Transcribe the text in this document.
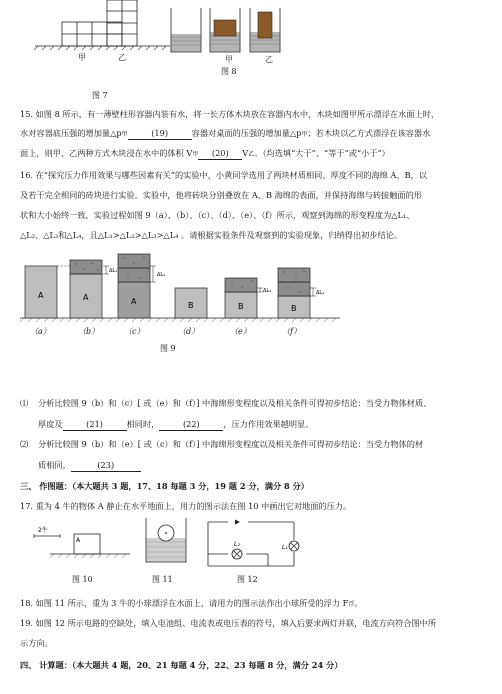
甲	乙
图 7
甲	乙
图 8
15. 如图 8 所示，有一薄壁柱形容器内装有水，将一长方体木块放在容器内水中，木块如图甲所示漂浮在水面上时，
水对容器底压强的增加量△p甲	(19)	容器对桌面的压强的增加量△p甲；若木块以乙方式漂浮在该容器水
面上，则甲、乙两种方式木块浸在水中的体积 V甲 (20) V乙。（均选填“大于”、“等于”或“小于”）
16. 在“探究压力作用效果与哪些因素有关”的实验中，小黄同学选用了两块材质相同、厚度不同的海绵 A、B，以
及若干完全相同的砖块进行实验。实验中，他将砖块分别叠放在 A、B 海绵的表面，并保持海绵与砖接触面的形
状和大小始终一致，实验过程如图 9（a）、（b）、（c）、（d）、（e）、（f）所示，观察到海绵的形变程度为△L₁、
△L₂、△L₃和△L₄，且△L₁>△L₂>△L₃>△L₄ 。请根据实验条件及观察到的实验现象，归纳得出初步结论。
A	A	A	B	B	B
ΔL₁
ΔL₂
ΔL₃	ΔL₄
（a）	（b）	（c）	（d）	（e）	（f）
图 9
⑴ 分析比较图 9（b）和（c）[ 或（e）和（f）] 中海绵形变程度以及相关条件可得初步结论：当受力物体材质、
厚度及	(21)	相同时，	(22)	，压力作用效果越明显。
⑵ 分析比较图 9（b）和（e）[ 或（c）和（f）] 中海绵形变程度以及相关条件可得初步结论：当受力物体的材
质相同，	(23)
三、 作图题：（本大题共 3 题，17、18 每题 3 分，19 题 2 分，满分 8 分）
17. 重为 4 牛的物体 A 静止在水平地面上，用力的图示法在图 10 中画出它对地面的压力。
2牛
A
图 10	图 11
L₁
L₂
图 12
18. 如图 11 所示，重为 3 牛的小球漂浮在水面上，请用力的图示法作出小球所受的浮力 F浮。
19. 如图 12 所示电路的空缺处，填入电池组、电流表或电压表的符号，填入后要求两灯并联，电流方向符合图中所
示方向。
四、 计算题：（本大题共 4 题，20、21 每题 4 分，22、23 每题 8 分，满分 24 分）
